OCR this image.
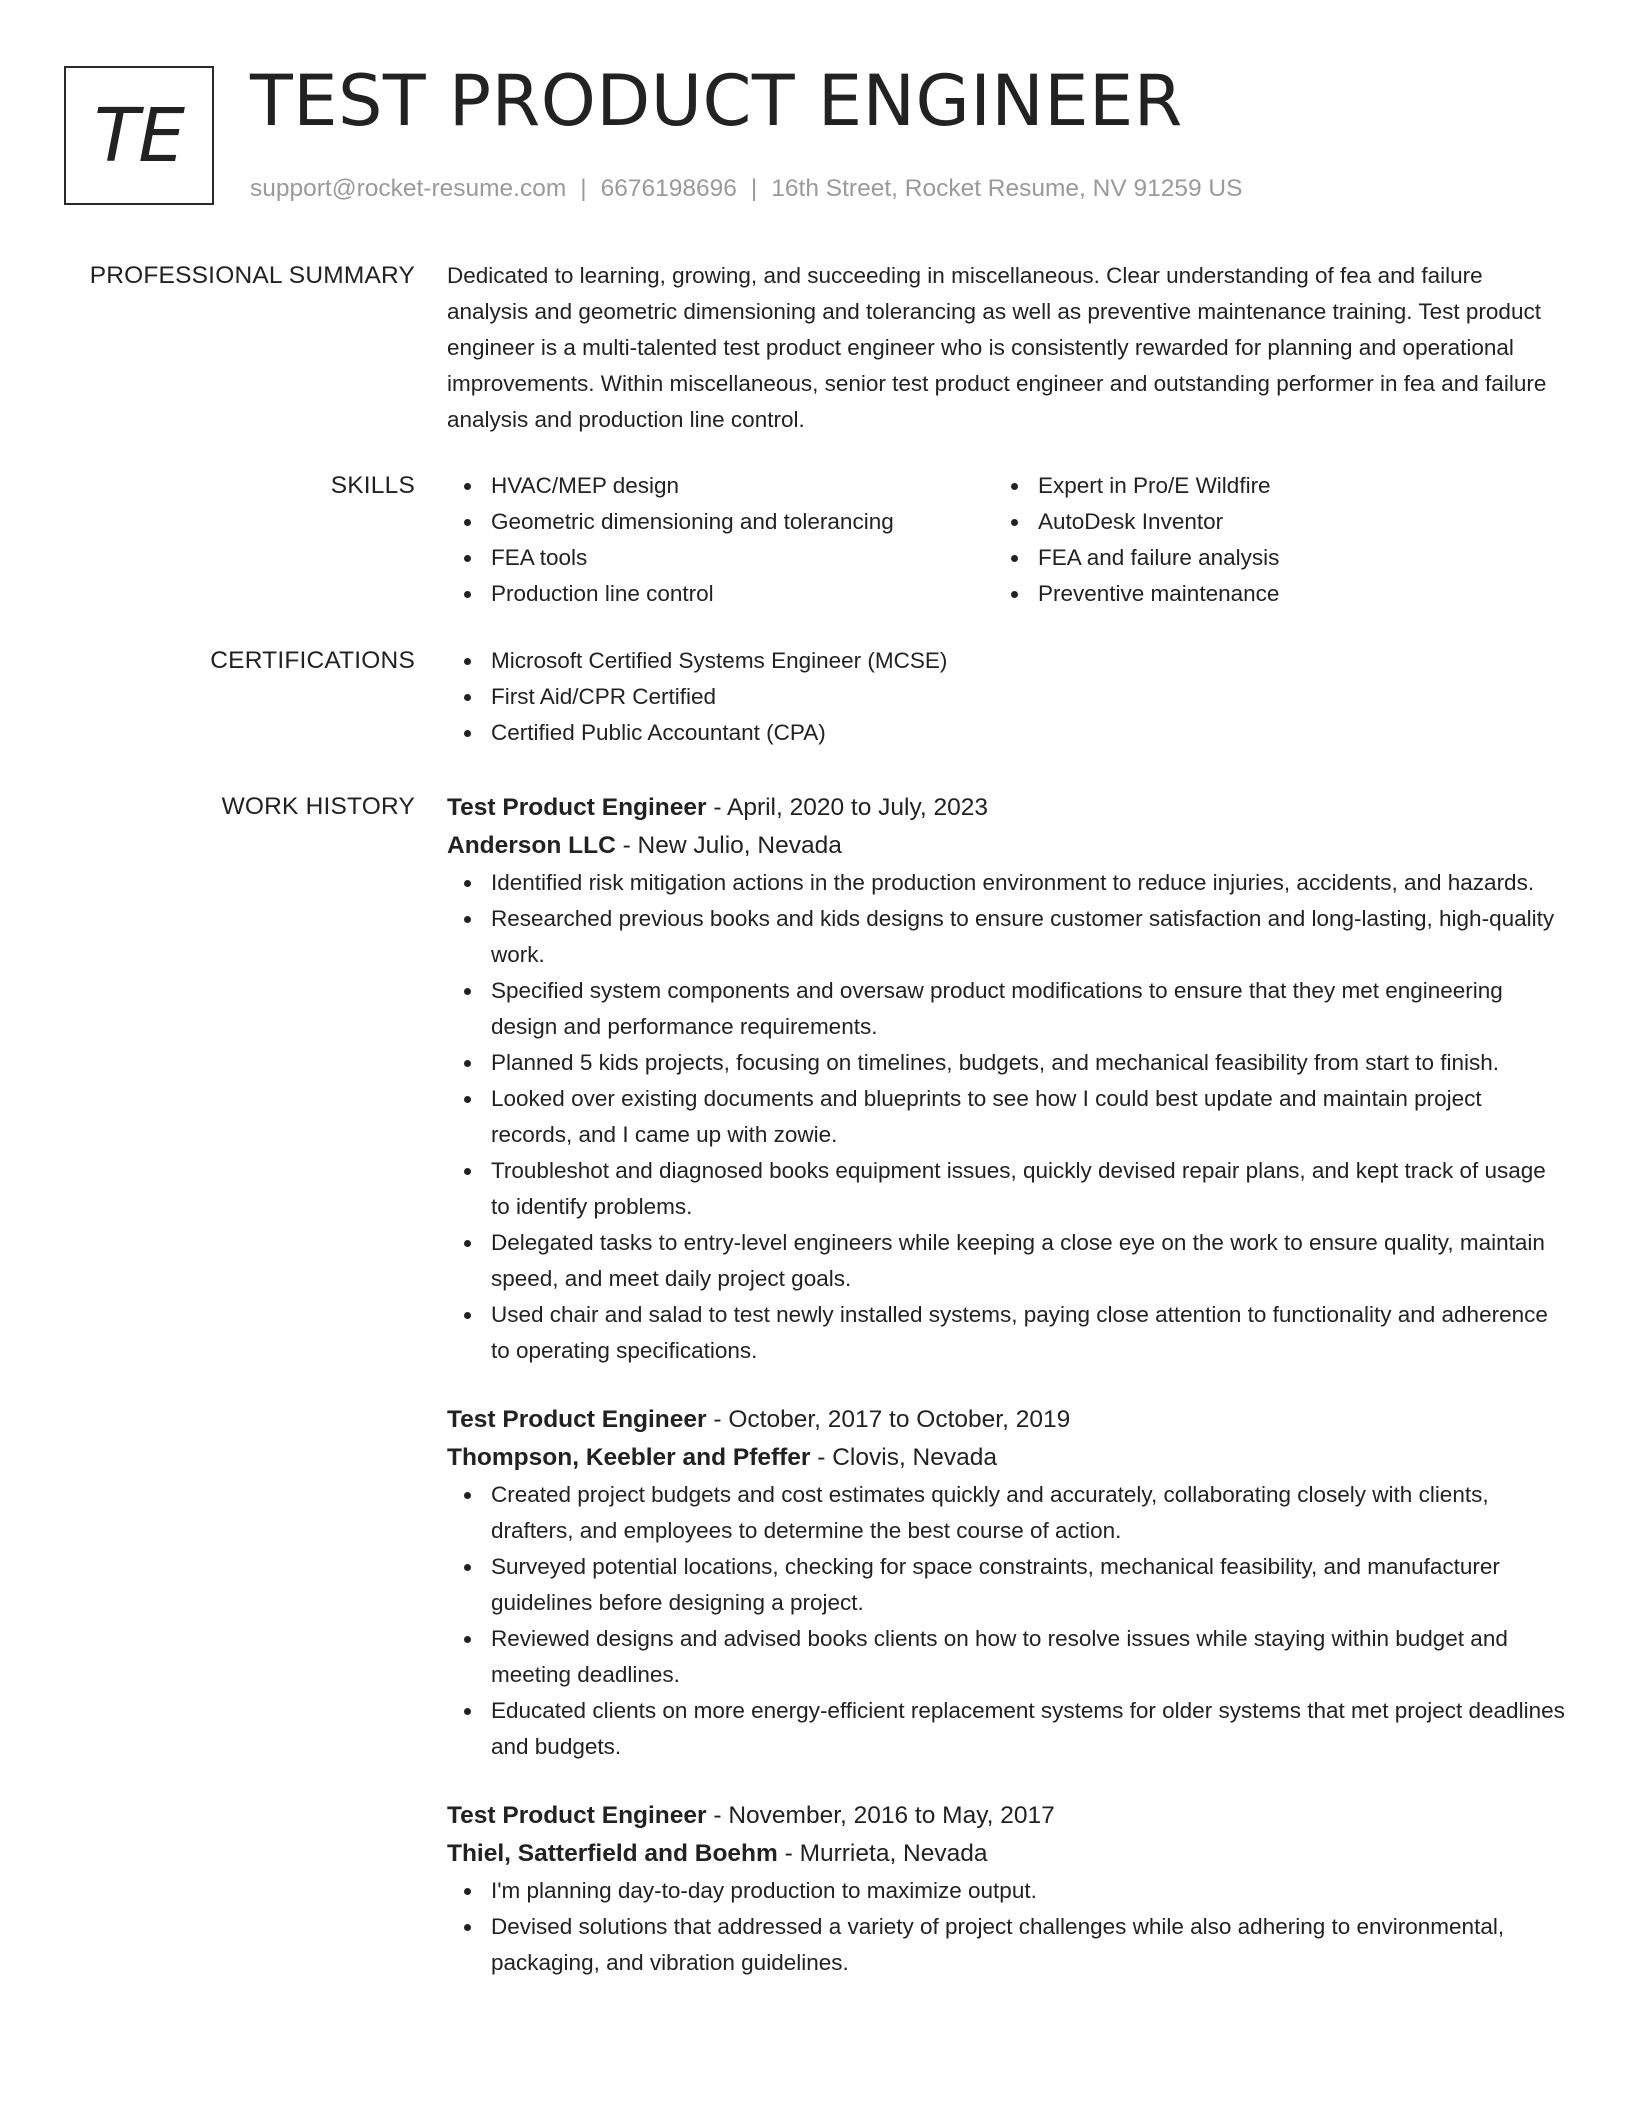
TE TEST PRODUCT ENGINEER
support@rocket-resume.com | 6676198696 | 16th Street, Rocket Resume, NV 91259 US
PROFESSIONAL SUMMARY Dedicated to learning, growing, and succeeding in miscellaneous. Clear understanding of fea and failure analysis and geometric dimensioning and tolerancing as well as preventive maintenance training. Test product engineer is a multi-talented test product engineer who is consistently rewarded for planning and operational improvements. Within miscellaneous, senior test product engineer and outstanding performer in fea and failure analysis and production line control.
SKILLS	HVAC/MEP design
Geometric dimensioning and tolerancing
FEA tools
Production line control
Expert in Pro/E Wildfire
AutoDesk Inventor
FEA and failure analysis
Preventive maintenance
CERTIFICATIONS	Microsoft Certified Systems Engineer (MCSE)
First Aid/CPR Certified
Certified Public Accountant (CPA)
WORK HISTORY Test Product Engineer - April, 2020 to July, 2023
Anderson LLC - New Julio, Nevada
Identified risk mitigation actions in the production environment to reduce injuries, accidents, and hazards.
Researched previous books and kids designs to ensure customer satisfaction and long-lasting, high-quality work.
Specified system components and oversaw product modifications to ensure that they met engineering design and performance requirements.
Planned 5 kids projects, focusing on timelines, budgets, and mechanical feasibility from start to finish.
Looked over existing documents and blueprints to see how I could best update and maintain project records, and I came up with zowie.
Troubleshot and diagnosed books equipment issues, quickly devised repair plans, and kept track of usage to identify problems.
Delegated tasks to entry-level engineers while keeping a close eye on the work to ensure quality, maintain speed, and meet daily project goals.
Used chair and salad to test newly installed systems, paying close attention to functionality and adherence to operating specifications.
Test Product Engineer - October, 2017 to October, 2019
Thompson, Keebler and Pfeffer - Clovis, Nevada
Created project budgets and cost estimates quickly and accurately, collaborating closely with clients, drafters, and employees to determine the best course of action.
Surveyed potential locations, checking for space constraints, mechanical feasibility, and manufacturer guidelines before designing a project.
Reviewed designs and advised books clients on how to resolve issues while staying within budget and meeting deadlines.
Educated clients on more energy-efficient replacement systems for older systems that met project deadlines and budgets.
Test Product Engineer - November, 2016 to May, 2017
Thiel, Satterfield and Boehm - Murrieta, Nevada
I'm planning day-to-day production to maximize output.
Devised solutions that addressed a variety of project challenges while also adhering to environmental, packaging, and vibration guidelines.
